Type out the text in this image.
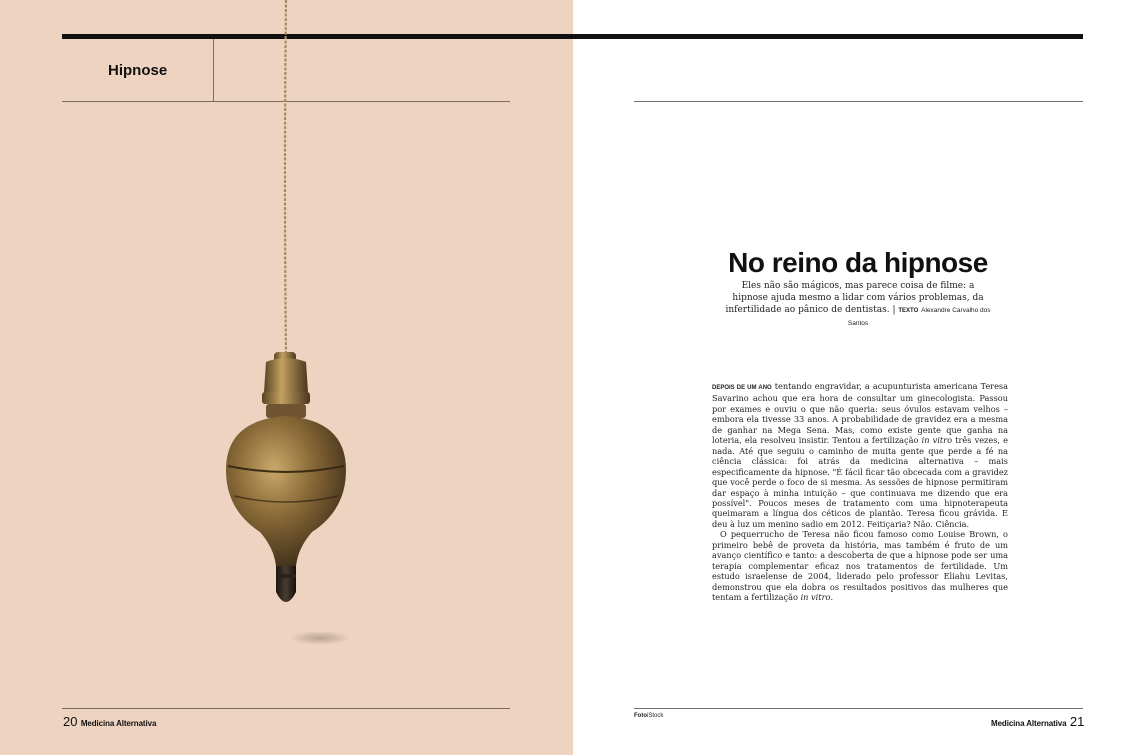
Hipnose
20 Medicina Alternativa
FotoiStock
Medicina Alternativa 21
No reino da hipnose
Eles não são mágicos, mas parece coisa de filme: a hipnose ajuda mesmo a lidar com vários problemas, da infertilidade ao pânico de dentistas. | TEXTO Alexandre Carvalho dos Santos

DEPOIS DE UM ANO tentando engravidar, a acupunturista americana Teresa Savarino achou que era hora de consultar um ginecologista. Passou por exames e ouviu o que não queria: seus óvulos estavam velhos – embora ela tivesse 33 anos. A probabilidade de gravidez era a mesma de ganhar na Mega Sena. Mas, como existe gente que ganha na loteria, ela resolveu insistir. Tentou a fertilização in vitro três vezes, e nada. Até que seguiu o caminho de muita gente que perde a fé na ciência clássica: foi atrás da medicina alternativa – mais especificamente da hipnose. "É fácil ficar tão obcecada com a gravidez que você perde o foco de si mesma. As sessões de hipnose permitiram dar espaço à minha intuição – que continuava me dizendo que era possível". Poucos meses de tratamento com uma hipnoterapeuta queimaram a língua dos céticos de plantão. Teresa ficou grávida. E deu à luz um menino sadio em 2012. Feitiçaria? Não. Ciência.

O pequerrucho de Teresa não ficou famoso como Louise Brown, o primeiro bebê de proveta da história, mas também é fruto de um avanço científico e tanto: a descoberta de que a hipnose pode ser uma terapia complementar eficaz nos tratamentos de fertilidade. Um estudo israelense de 2004, liderado pelo professor Eliahu Levitas, demonstrou que ela dobra os resultados positivos das mulheres que tentam a fertilização in vitro.
